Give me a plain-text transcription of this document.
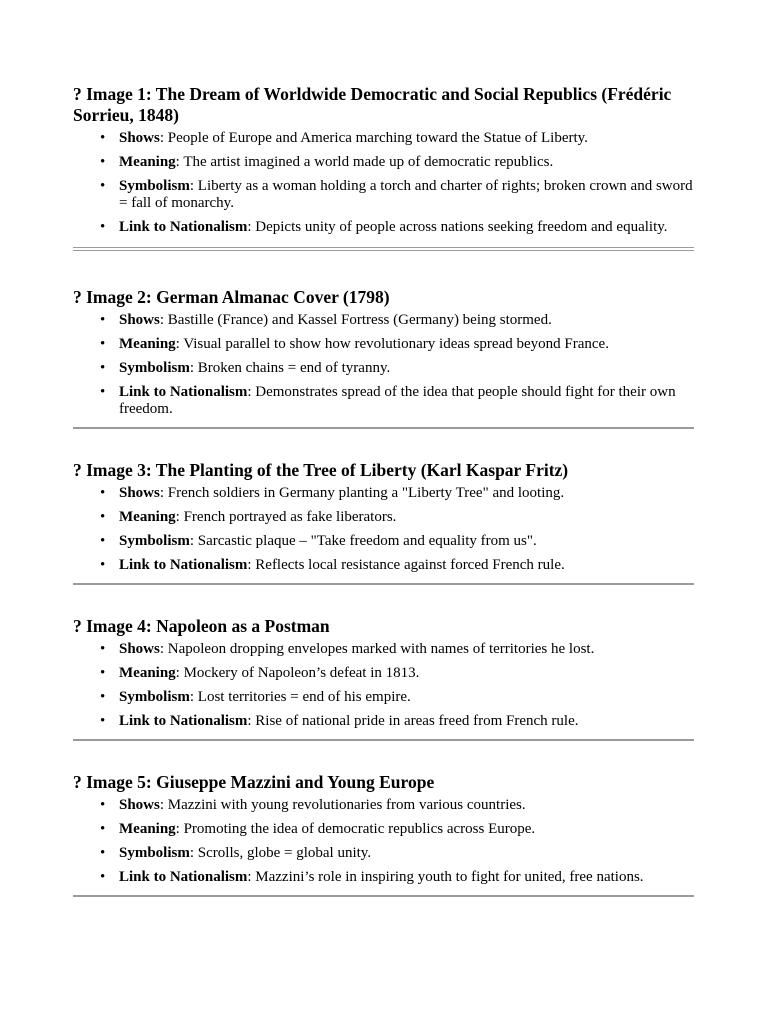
? Image 1: The Dream of Worldwide Democratic and Social Republics (Frédéric Sorrieu, 1848)
• Shows: People of Europe and America marching toward the Statue of Liberty.
• Meaning: The artist imagined a world made up of democratic republics.
• Symbolism: Liberty as a woman holding a torch and charter of rights; broken crown and sword = fall of monarchy.
• Link to Nationalism: Depicts unity of people across nations seeking freedom and equality.
? Image 2: German Almanac Cover (1798)
• Shows: Bastille (France) and Kassel Fortress (Germany) being stormed.
• Meaning: Visual parallel to show how revolutionary ideas spread beyond France.
• Symbolism: Broken chains = end of tyranny.
• Link to Nationalism: Demonstrates spread of the idea that people should fight for their own freedom.
? Image 3: The Planting of the Tree of Liberty (Karl Kaspar Fritz)
• Shows: French soldiers in Germany planting a "Liberty Tree" and looting.
• Meaning: French portrayed as fake liberators.
• Symbolism: Sarcastic plaque – "Take freedom and equality from us".
• Link to Nationalism: Reflects local resistance against forced French rule.
? Image 4: Napoleon as a Postman
• Shows: Napoleon dropping envelopes marked with names of territories he lost.
• Meaning: Mockery of Napoleon’s defeat in 1813.
• Symbolism: Lost territories = end of his empire.
• Link to Nationalism: Rise of national pride in areas freed from French rule.
? Image 5: Giuseppe Mazzini and Young Europe
• Shows: Mazzini with young revolutionaries from various countries.
• Meaning: Promoting the idea of democratic republics across Europe.
• Symbolism: Scrolls, globe = global unity.
• Link to Nationalism: Mazzini’s role in inspiring youth to fight for united, free nations.
